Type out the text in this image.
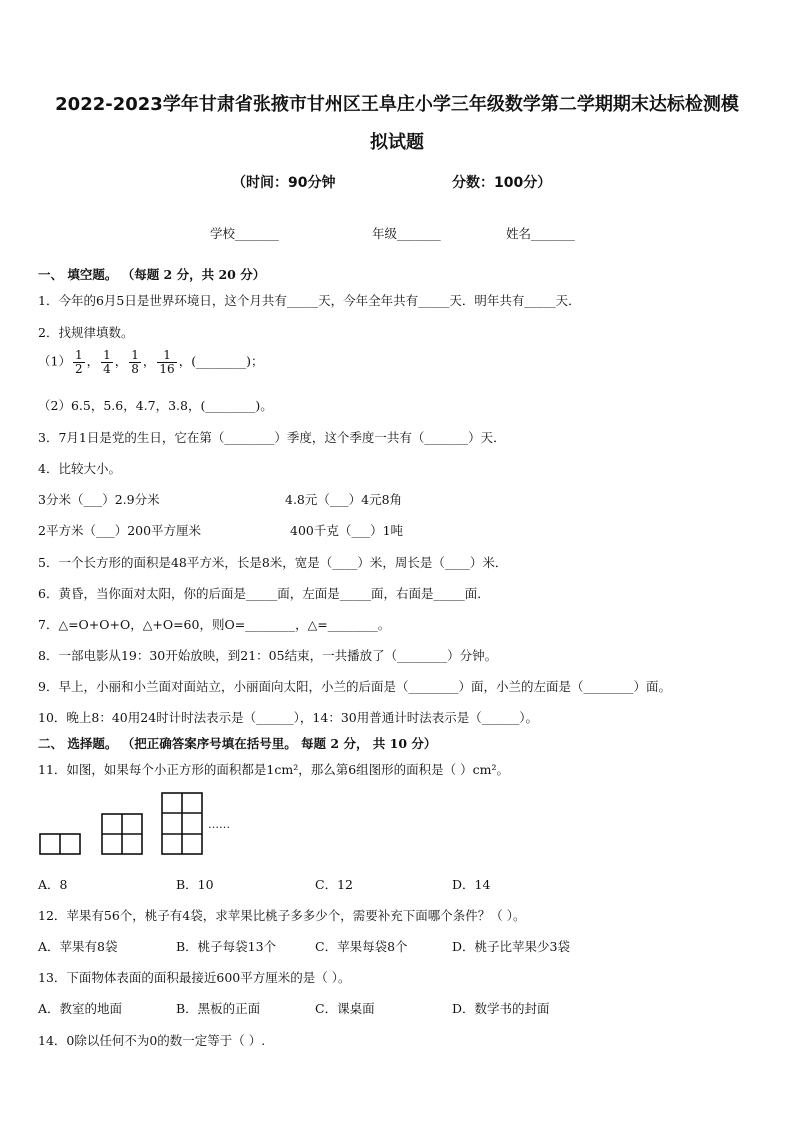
2022-2023学年甘肃省张掖市甘州区王阜庄小学三年级数学第二学期期末达标检测模
拟试题
（时间：90分钟	分数：100分）
学校_______	年级_______	姓名_______
一、 填空题。 （每题 2 分，共 20 分）
1．今年的6月5日是世界环境日，这个月共有_____天，今年全年共有_____天．明年共有_____天．
2．找规律填数。
$(1) \frac{1}{2}$ ， $\frac{1}{4}$ ， $\frac{1}{8}$ ， $\frac{1}{16}$ ，(________)；
（2）6.5，5.6，4.7，3.8，(________)。
3．7月1日是党的生日，它在第（________）季度，这个季度一共有（_______）天．
4．比较大小。
3分米（___）2.9分米	4.8元（___）4元8角
2平方米（___）200平方厘米	400千克（___）1吨
5．一个长方形的面积是48平方米，长是8米，宽是（____）米，周长是（____）米．
6．黄昏，当你面对太阳，你的后面是_____面，左面是_____面，右面是_____面．
7．△=O+O+O，△+O=60，则O=________，△=________。
8．一部电影从19：30开始放映，到21：05结束，一共播放了（________）分钟。
9．早上，小丽和小兰面对面站立，小丽面向太阳，小兰的后面是（________）面，小兰的左面是（________）面。
10．晚上8：40用24时计时法表示是（______），14：30用普通计时法表示是（______）。
二、 选择题。 （把正确答案序号填在括号里。 每题 2 分， 共 10 分）
11．如图，如果每个小正方形的面积都是1cm²，那么第6组图形的面积是（ ）cm²。
……
A．8	B．10	C．12	D．14
12．苹果有56个，桃子有4袋，求苹果比桃子多多少个，需要补充下面哪个条件？（ ）。
A．苹果有8袋	B．桃子每袋13个	C．苹果每袋8个	D．桃子比苹果少3袋
13．下面物体表面的面积最接近600平方厘米的是（ ）。
A．教室的地面	B．黑板的正面	C．课桌面	D．数学书的封面
14．0除以任何不为0的数一定等于（ ）.
